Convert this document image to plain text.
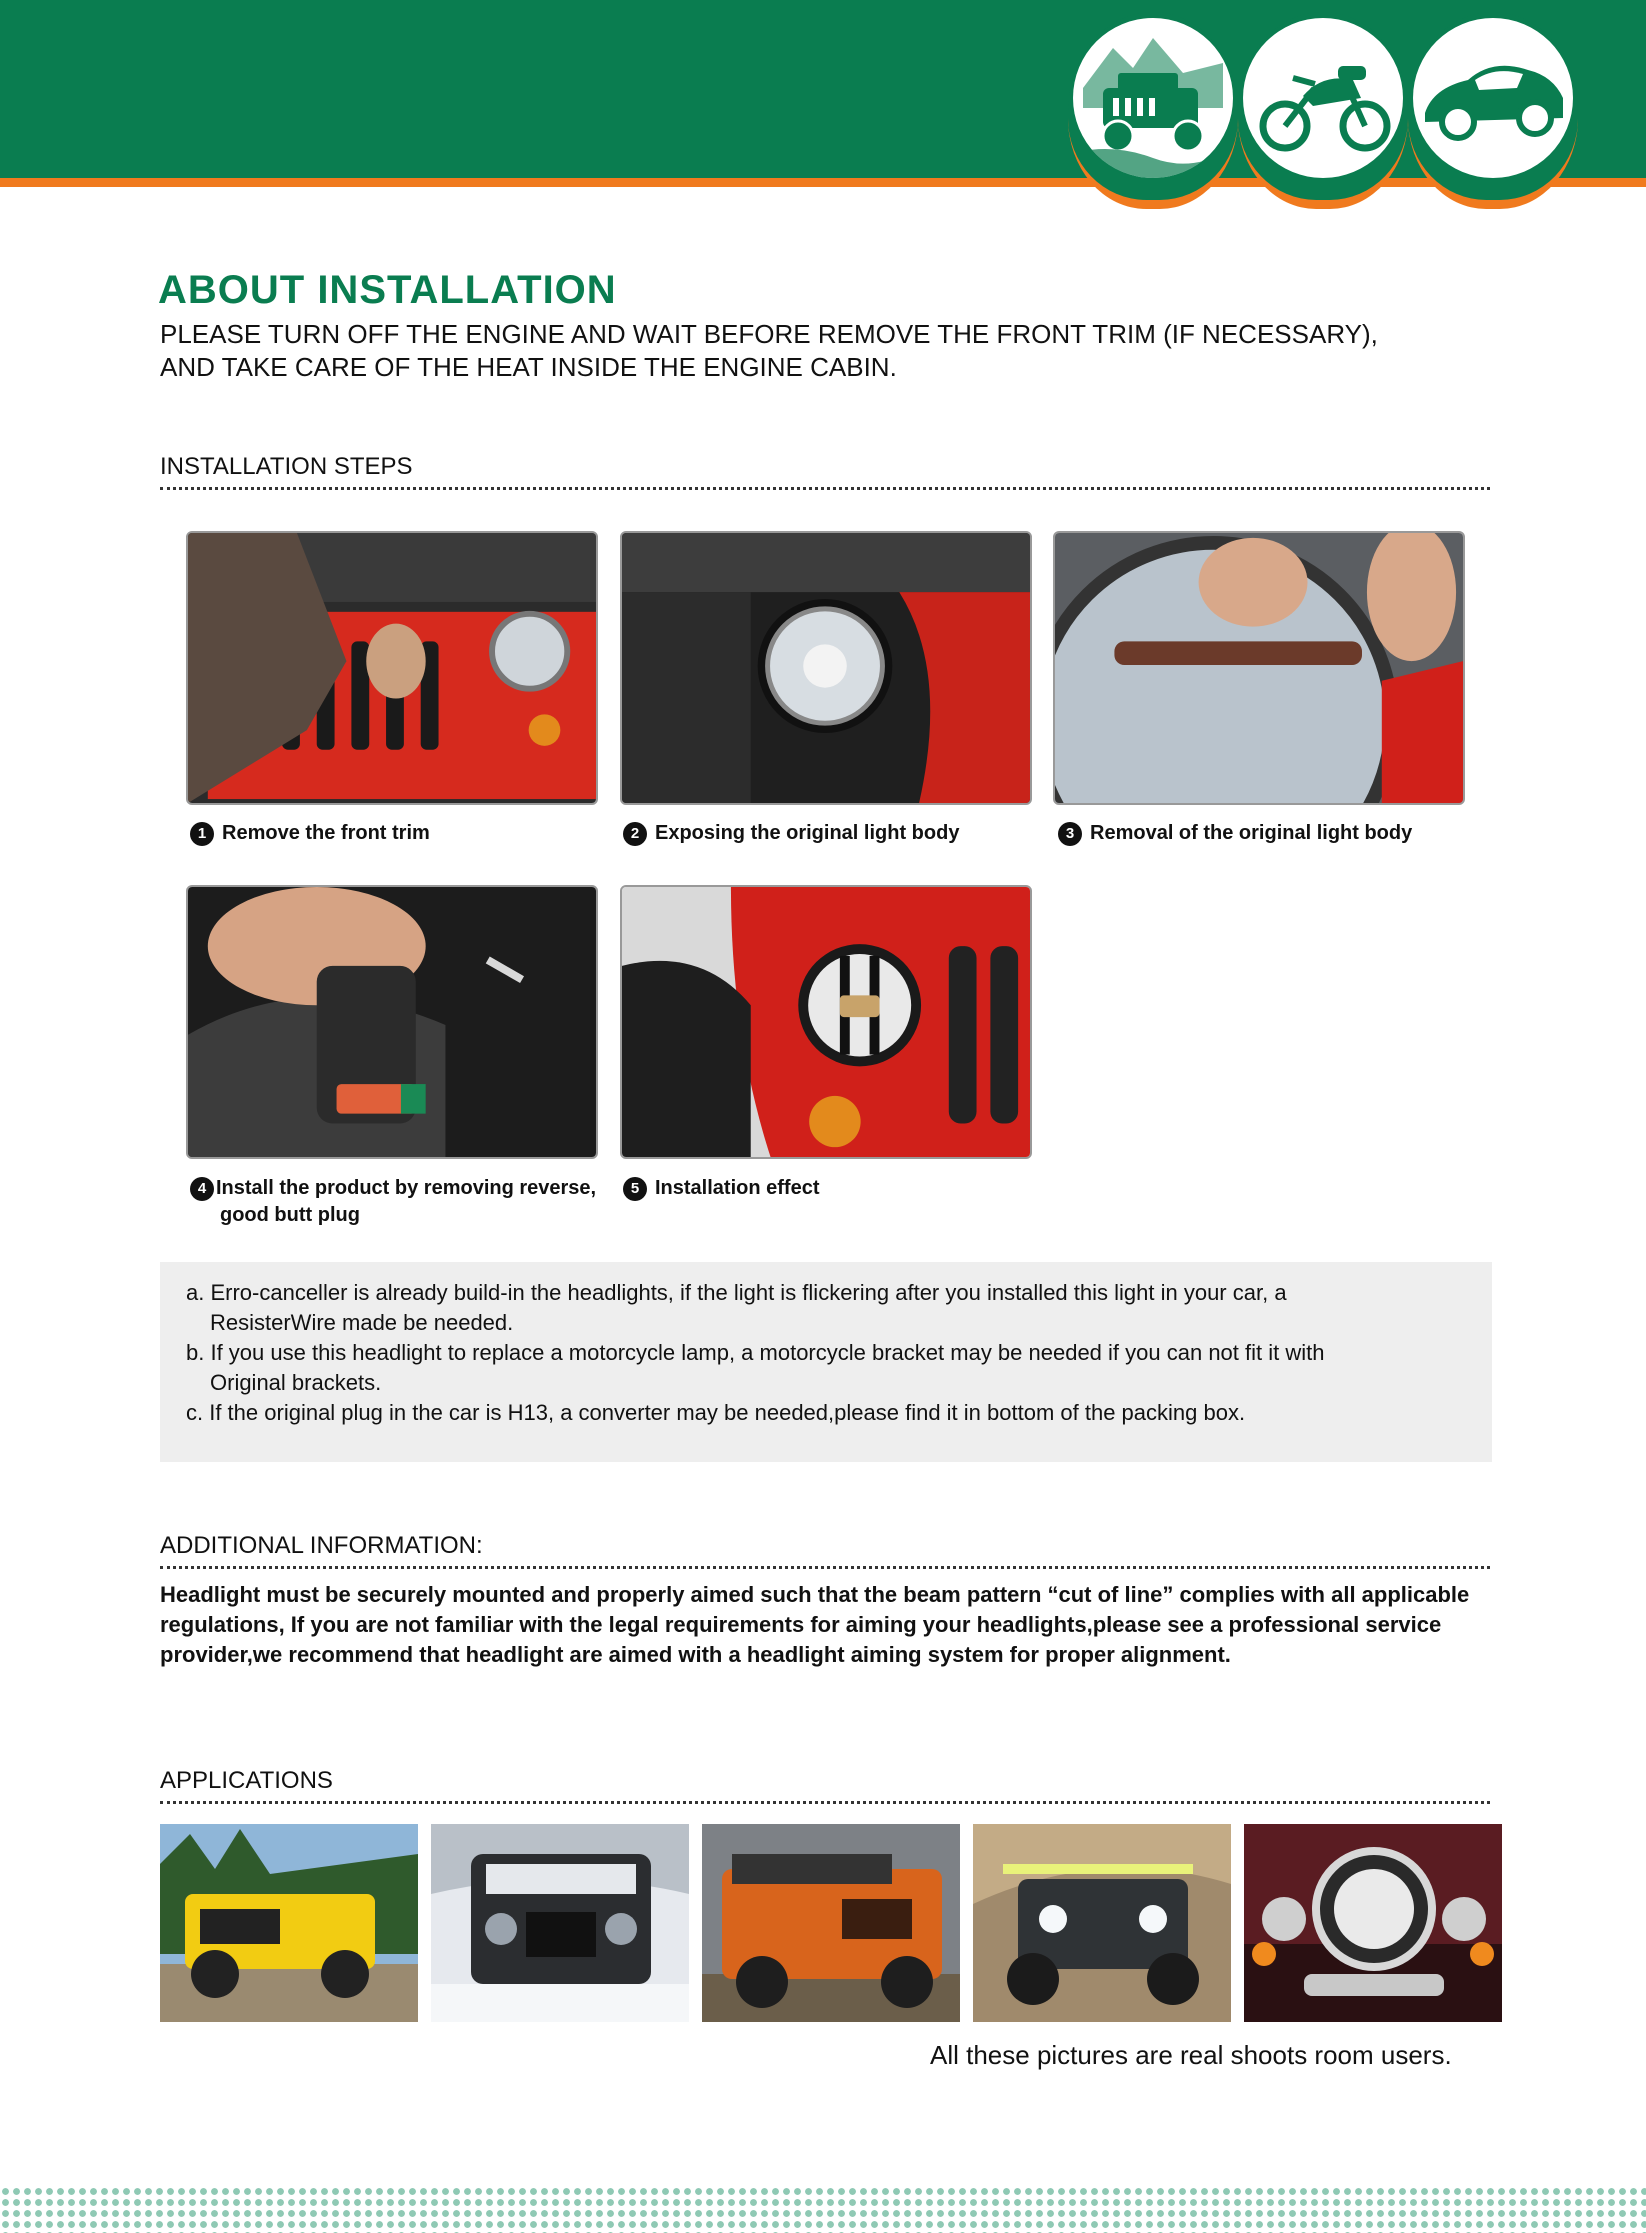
ABOUT INSTALLATION
PLEASE TURN OFF THE ENGINE AND WAIT BEFORE REMOVE THE FRONT TRIM (IF NECESSARY),
AND TAKE CARE OF THE HEAT INSIDE THE ENGINE CABIN.
INSTALLATION STEPS
1 Remove the front trim	2 Exposing the original light body	3 Removal of the original light body
4 Install the product by removing reverse,
good butt plug
5 Installation effect

a. Erro-canceller is already build-in the headlights, if the light is flickering after you installed this light in your car, a
ResisterWire made be needed.

b. If you use this headlight to replace a motorcycle lamp, a motorcycle bracket may be needed if you can not fit it with
Original brackets.

c. If the original plug in the car is H13, a converter may be needed,please find it in bottom of the packing box.

ADDITIONAL INFORMATION:

Headlight must be securely mounted and properly aimed such that the beam pattern “cut of line” complies with all applicable regulations, If you are not familiar with the legal requirements for aiming your headlights,please see a professional service provider,we recommend that headlight are aimed with a headlight aiming system for proper alignment.

APPLICATIONS
All these pictures are real shoots room users.
